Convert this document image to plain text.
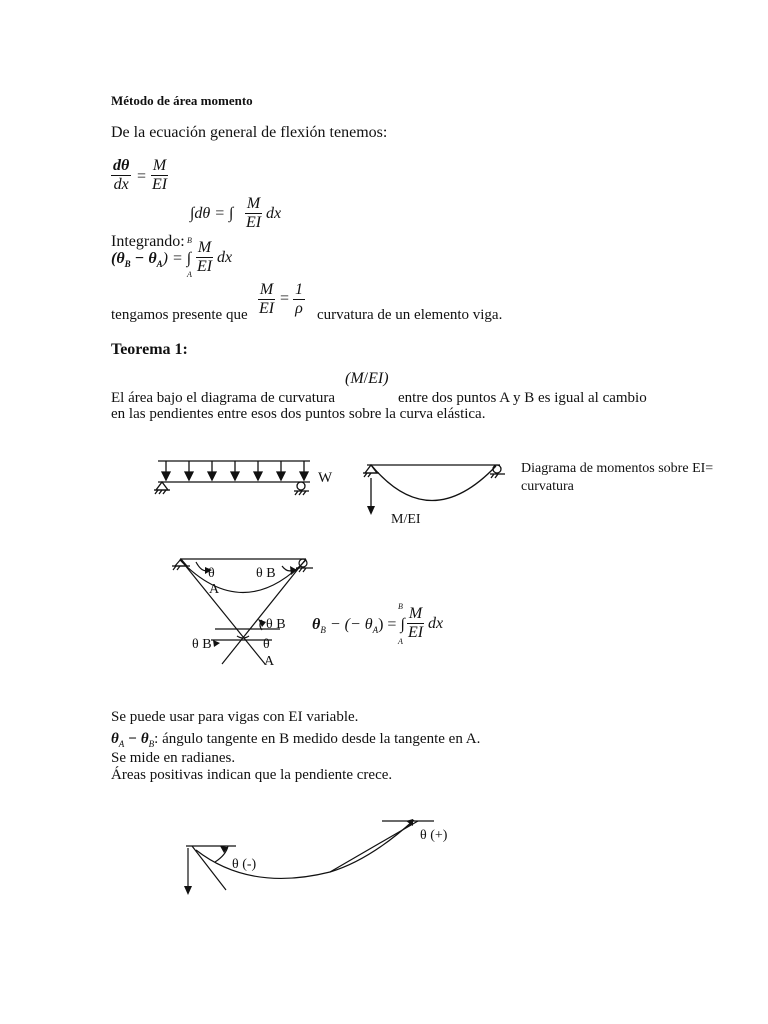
Método de área momento
De la ecuación general de flexión tenemos:
$\frac{d\theta}{dx} = \frac{M}{EI}$
∫dθ = ∫ $\frac{M}{EI}$ dx
Integrando: B
$(\theta_B - \theta_A)$ = ∫
A $\frac{M}{EI}$ dx
tengamos presente que $\frac{M}{EI} = \frac{1}{\rho}$ curvatura de un elemento viga.
Teorema 1:
El área bajo el diagrama de curvatura
(M/EI)
entre dos puntos A y B es igual al cambio
en las pendientes entre esos dos puntos sobre la curva elástica.
W
M/EI
Diagrama de momentos sobre EI=
curvatura
θ
A
θ B
θ B
θ B	θ
A
$\theta_B$ − (− $\theta_A$) = ∫
B
A
$\frac{M}{EI}$ dx
Se puede usar para vigas con EI variable.
$\theta_A - \theta_B$: ángulo tangente en B medido desde la tangente en A.
Se mide en radianes.
Áreas positivas indican que la pendiente crece.
θ (-)
θ (+)
